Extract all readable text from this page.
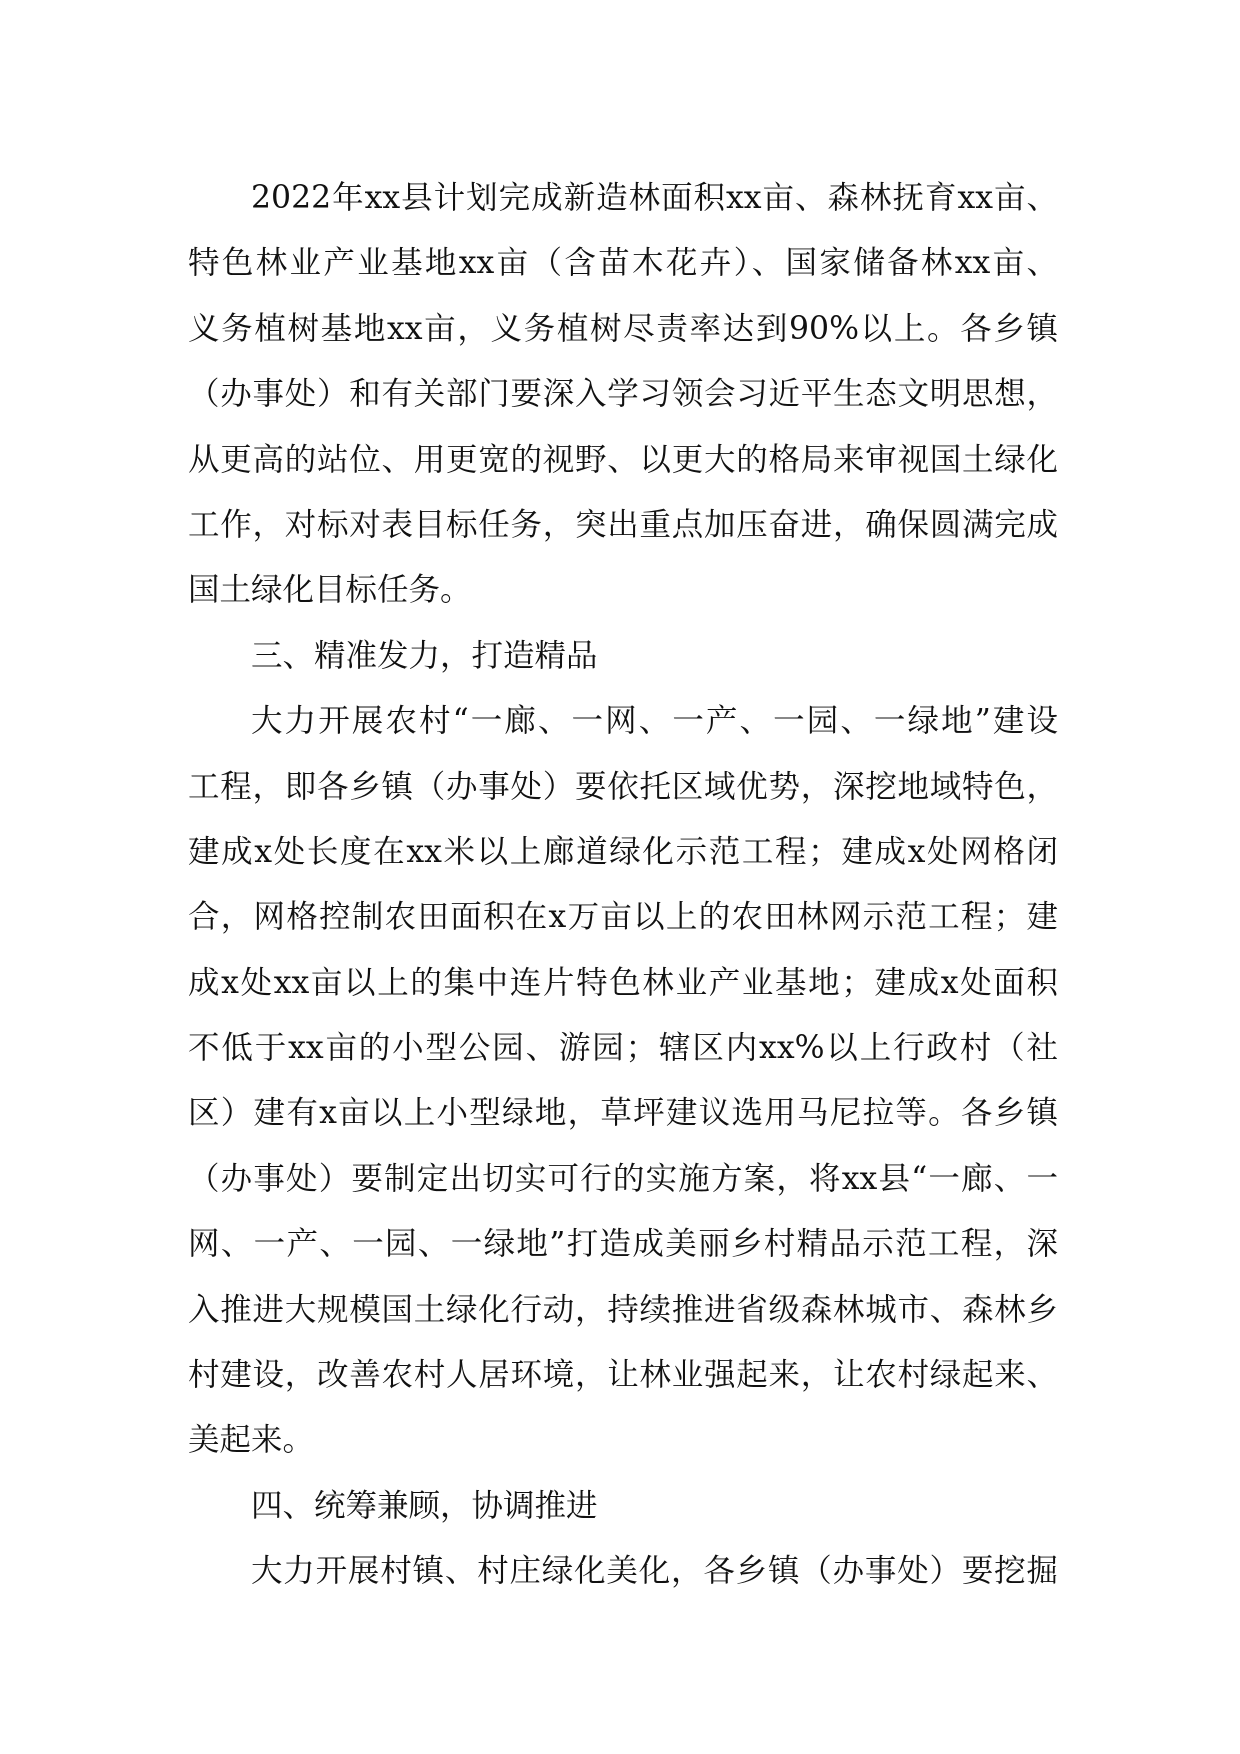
2022年xx县计划完成新造林面积xx亩、森林抚育xx亩、
特色林业产业基地xx亩（含苗木花卉）、国家储备林xx亩、
义务植树基地xx亩，义务植树尽责率达到90%以上。各乡镇
（办事处）和有关部门要深入学习领会习近平生态文明思想，
从更高的站位、用更宽的视野、以更大的格局来审视国土绿化
工作，对标对表目标任务，突出重点加压奋进，确保圆满完成
国土绿化目标任务。
三、精准发力，打造精品
大力开展农村“一廊、一网、一产、一园、一绿地”建设
工程，即各乡镇（办事处）要依托区域优势，深挖地域特色，
建成x处长度在xx米以上廊道绿化示范工程；建成x处网格闭
合，网格控制农田面积在x万亩以上的农田林网示范工程；建
成x处xx亩以上的集中连片特色林业产业基地；建成x处面积
不低于xx亩的小型公园、游园；辖区内xx%以上行政村（社
区）建有x亩以上小型绿地，草坪建议选用马尼拉等。各乡镇
（办事处）要制定出切实可行的实施方案，将xx县“一廊、一
网、一产、一园、一绿地”打造成美丽乡村精品示范工程，深
入推进大规模国土绿化行动，持续推进省级森林城市、森林乡
村建设，改善农村人居环境，让林业强起来，让农村绿起来、
美起来。
四、统筹兼顾，协调推进
大力开展村镇、村庄绿化美化，各乡镇（办事处）要挖掘
